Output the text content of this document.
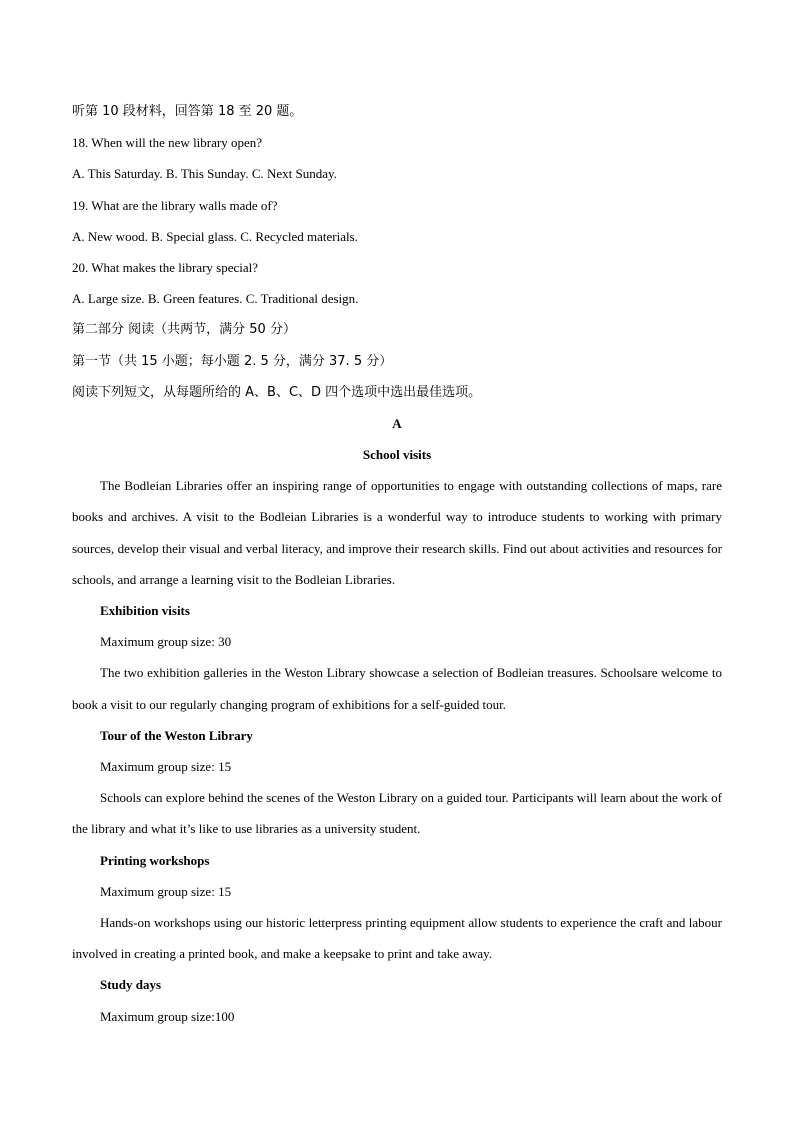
听第 10 段材料，回答第 18 至 20 题。
18. When will the new library open?
A. This Saturday. B. This Sunday. C. Next Sunday.
19. What are the library walls made of?
A. New wood. B. Special glass. C. Recycled materials.
20. What makes the library special?
A. Large size. B. Green features. C. Traditional design.
第二部分 阅读（共两节，满分 50 分）
第一节（共 15 小题；每小题 2. 5 分，满分 37. 5 分）
阅读下列短文，从每题所给的 A、B、C、D 四个选项中选出最佳选项。
A
School visits

The Bodleian Libraries offer an inspiring range of opportunities to engage with outstanding collections of maps, rare books and archives. A visit to the Bodleian Libraries is a wonderful way to introduce students to working with primary sources, develop their visual and verbal literacy, and improve their research skills. Find out about activities and resources for schools, and arrange a learning visit to the Bodleian Libraries.

Exhibition visits
Maximum group size: 30

The two exhibition galleries in the Weston Library showcase a selection of Bodleian treasures. Schoolsare welcome to book a visit to our regularly changing program of exhibitions for a self-guided tour.

Tour of the Weston Library
Maximum group size: 15

Schools can explore behind the scenes of the Weston Library on a guided tour. Participants will learn about the work of the library and what it’s like to use libraries as a university student.

Printing workshops
Maximum group size: 15

Hands-on workshops using our historic letterpress printing equipment allow students to experience the craft and labour involved in creating a printed book, and make a keepsake to print and take away.

Study days
Maximum group size:100
